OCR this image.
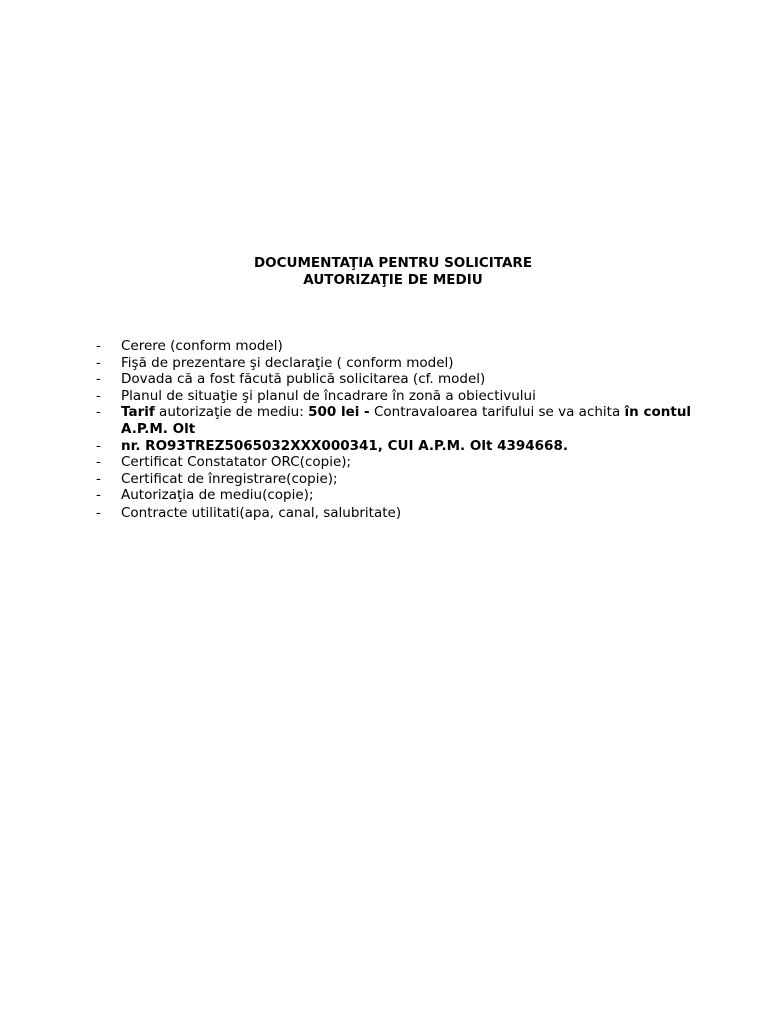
DOCUMENTAŢIA PENTRU SOLICITARE
AUTORIZAŢIE DE MEDIU
-	Cerere (conform model)
-	Fişă de prezentare şi declaraţie ( conform model)
-	Dovada că a fost făcută publică solicitarea (cf. model)
-	Planul de situaţie şi planul de încadrare în zonă a obiectivului
-	Tarif autorizaţie de mediu: 500 lei - Contravaloarea tarifului se va achita în contul
A.P.M. Olt
-	nr. RO93TREZ5065032XXX000341, CUI A.P.M. Olt 4394668.
-	Certificat Constatator ORC(copie);
-	Certificat de înregistrare(copie);
-	Autorizaţia de mediu(copie);
-	Contracte utilitati(apa, canal, salubritate)
